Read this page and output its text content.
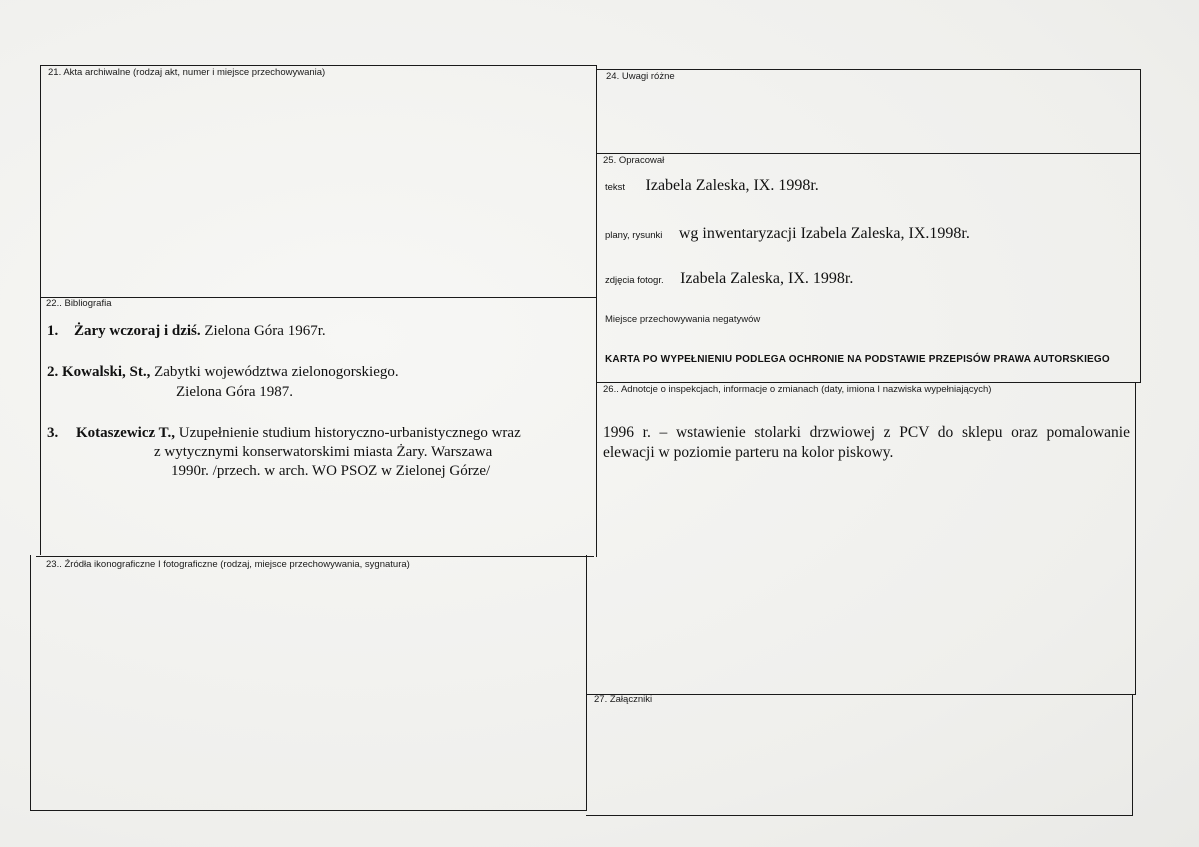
21. Akta archiwalne (rodzaj akt, numer i miejsce przechowywania)
22.. Bibliografia
1. Żary wczoraj i dziś. Zielona Góra 1967r.
2. Kowalski, St., Zabytki województwa zielonogorskiego.
Zielona Góra 1987.
3. Kotaszewicz T., Uzupełnienie studium historyczno-urbanistycznego wraz
z wytycznymi konserwatorskimi miasta Żary. Warszawa
1990r. /przech. w arch. WO PSOZ w Zielonej Górze/
23.. Źródła ikonograficzne I fotograficzne (rodzaj, miejsce przechowywania, sygnatura)
24. Uwagi różne
25. Opracował
tekst Izabela Zaleska, IX. 1998r.
plany, rysunki wg inwentaryzacji Izabela Zaleska, IX.1998r.
zdjęcia fotogr. Izabela Zaleska, IX. 1998r.
Miejsce przechowywania negatywów
KARTA PO WYPEŁNIENIU PODLEGA OCHRONIE NA PODSTAWIE PRZEPISÓW PRAWA AUTORSKIEGO
26.. Adnotcje o inspekcjach, informacje o zmianach (daty, imiona I nazwiska wypełniających)
1996 r. – wstawienie stolarki drzwiowej z PCV do sklepu oraz pomalowanie elewacji w poziomie parteru na kolor piskowy.
27. Załączniki
